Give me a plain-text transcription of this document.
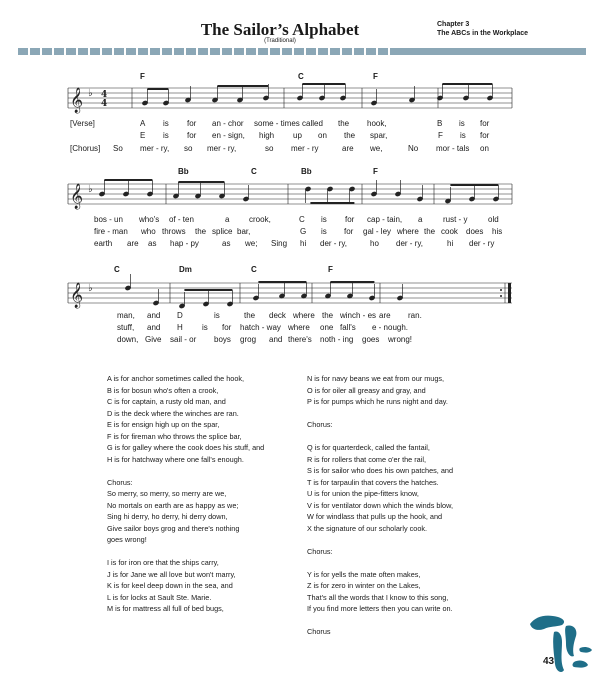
The Sailor’s Alphabet
(Traditional)
Chapter 3
The ABCs in the Workplace
𝄞
𝄞
𝄞
♭
♭
♭
4
4
F	C	F
[Verse]
[Chorus]
A is for an - chor some - times called the hook,	B is for
E is for en - sign, high up on the spar,	F is for
So mer - ry, so mer - ry,	so mer - ry	are we,	No mor - tals on
Bb	C	Bb	F
bos - un who's of - ten	a crook,	C is for cap - tain, a	rust - y	old
fire - man who throws the splice bar,	G is for gal - ley where the cook does his
earth are as hap - py	as we; Sing hi der - ry,	ho der - ry,	hi der - ry
C	Dm	C	F
man, and D	is	the deck where the winch - es are ran.
stuff, and H is for hatch - way where one fall's e - nough.
down, Give sail - or boys grog and there's noth - ing goes wrong!
A is for anchor sometimes called the hook,
B is for bosun who's often a crook,
C is for captain, a rusty old man, and
D is the deck where the winches are ran.
E is for ensign high up on the spar,
F is for fireman who throws the splice bar,
G is for galley where the cook does his stuff, and
H is for hatchway where one fall's enough.
Chorus:
So merry, so merry, so merry are we,
No mortals on earth are as happy as we;
Sing hi derry, ho derry, hi derry down,
Give sailor boys grog and there's nothing
goes wrong!
I is for iron ore that the ships carry,
J is for Jane we all love but won't marry,
K is for keel deep down in the sea, and
L is for locks at Sault Ste. Marie.
M is for mattress all full of bed bugs,
N is for navy beans we eat from our mugs,
O is for oiler all greasy and gray, and
P is for pumps which he runs night and day.
Chorus:
Q is for quarterdeck, called the fantail,
R is for rollers that come o'er the rail,
S is for sailor who does his own patches, and
T is for tarpaulin that covers the hatches.
U is for union the pipe-fitters know,
V is for ventilator down which the winds blow,
W for windlass that pulls up the hook, and
X the signature of our scholarly cook.
Chorus:
Y is for yells the mate often makes,
Z is for zero in winter on the Lakes,
That's all the words that I know to this song,
If you find more letters then you can write on.
Chorus
43
